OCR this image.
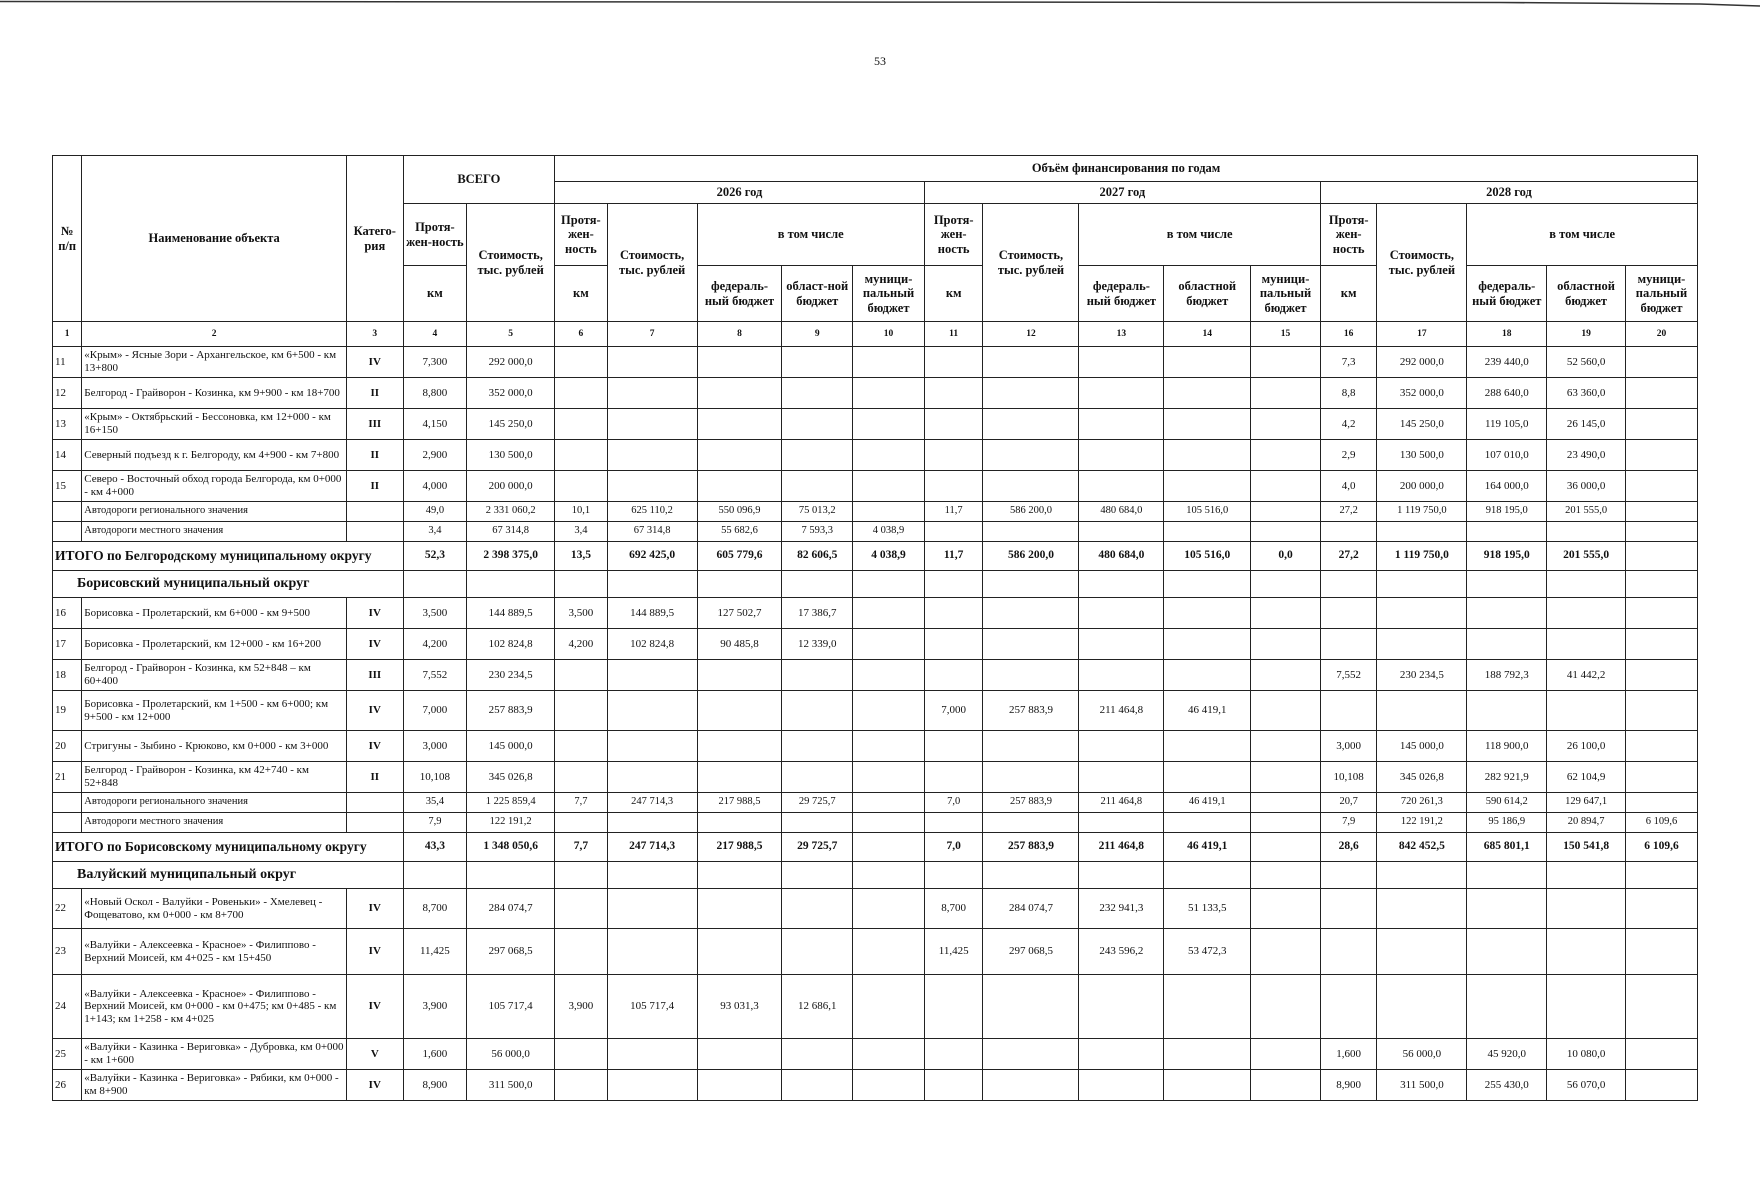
53
№ п/п	Наименование объекта	Катего-рия	ВСЕГО		Объём финансирования по годам														
					2026 год					2027 год					2028 год				
			Протя-жен-ность	Стоимость, тыс. рублей	Протя-жен-ность	Стоимость, тыс. рублей	в том числе			Протя-жен-ность	Стоимость, тыс. рублей	в том числе			Протя-жен-ность	Стоимость, тыс. рублей	в том числе		
			км		км		федераль-ный бюджет	област-ной бюджет	муници-пальный бюджет	км		федераль-ный бюджет	областной бюджет	муници-пальный бюджет	км		федераль-ный бюджет	областной бюджет	муници-пальный бюджет
1	2	3	4	5	6	7	8	9	10	11	12	13	14	15	16	17	18	19	20
11	«Крым» - Ясные Зори - Архангельское, км 6+500 - км 13+800	IV	7,300	292 000,0											7,3	292 000,0	239 440,0	52 560,0	
12	Белгород - Грайворон - Козинка, км 9+900 - км 18+700	II	8,800	352 000,0											8,8	352 000,0	288 640,0	63 360,0	
13	«Крым» - Октябрьский - Бессоновка, км 12+000 - км 16+150	III	4,150	145 250,0											4,2	145 250,0	119 105,0	26 145,0	
14	Северный подъезд к г. Белгороду, км 4+900 - км 7+800	II	2,900	130 500,0											2,9	130 500,0	107 010,0	23 490,0	
15	Северо - Восточный обход города Белгорода, км 0+000 - км 4+000	II	4,000	200 000,0											4,0	200 000,0	164 000,0	36 000,0	
	Автодороги регионального значения		49,0	2 331 060,2	10,1	625 110,2	550 096,9	75 013,2		11,7	586 200,0	480 684,0	105 516,0		27,2	1 119 750,0	918 195,0	201 555,0	
	Автодороги местного значения		3,4	67 314,8	3,4	67 314,8	55 682,6	7 593,3	4 038,9										
ИТОГО по Белгородскому муниципальному округу			52,3	2 398 375,0	13,5	692 425,0	605 779,6	82 606,5	4 038,9	11,7	586 200,0	480 684,0	105 516,0	0,0	27,2	1 119 750,0	918 195,0	201 555,0	
Борисовский муниципальный округ																			
16	Борисовка - Пролетарский, км 6+000 - км 9+500	IV	3,500	144 889,5	3,500	144 889,5	127 502,7	17 386,7											
17	Борисовка - Пролетарский, км 12+000 - км 16+200	IV	4,200	102 824,8	4,200	102 824,8	90 485,8	12 339,0											
18	Белгород - Грайворон - Козинка, км 52+848 – км 60+400	III	7,552	230 234,5											7,552	230 234,5	188 792,3	41 442,2	
19	Борисовка - Пролетарский, км 1+500 - км 6+000; км 9+500 - км 12+000	IV	7,000	257 883,9						7,000	257 883,9	211 464,8	46 419,1						
20	Стригуны - Зыбино - Крюково, км 0+000 - км 3+000	IV	3,000	145 000,0											3,000	145 000,0	118 900,0	26 100,0	
21	Белгород - Грайворон - Козинка, км 42+740 - км 52+848	II	10,108	345 026,8											10,108	345 026,8	282 921,9	62 104,9	
	Автодороги регионального значения		35,4	1 225 859,4	7,7	247 714,3	217 988,5	29 725,7		7,0	257 883,9	211 464,8	46 419,1		20,7	720 261,3	590 614,2	129 647,1	
	Автодороги местного значения		7,9	122 191,2											7,9	122 191,2	95 186,9	20 894,7	6 109,6
ИТОГО по Борисовскому муниципальному округу			43,3	1 348 050,6	7,7	247 714,3	217 988,5	29 725,7		7,0	257 883,9	211 464,8	46 419,1		28,6	842 452,5	685 801,1	150 541,8	6 109,6
Валуйский муниципальный округ																			
22	«Новый Оскол - Валуйки - Ровеньки» - Хмелевец - Фощеватово, км 0+000 - км 8+700	IV	8,700	284 074,7						8,700	284 074,7	232 941,3	51 133,5						
23	«Валуйки - Алексеевка - Красное» - Филиппово - Верхний Моисей, км 4+025 - км 15+450	IV	11,425	297 068,5						11,425	297 068,5	243 596,2	53 472,3						
24	«Валуйки - Алексеевка - Красное» - Филиппово - Верхний Моисей, км 0+000 - км 0+475; км 0+485 - км 1+143; км 1+258 - км 4+025	IV	3,900	105 717,4	3,900	105 717,4	93 031,3	12 686,1											
25	«Валуйки - Казинка - Вериговка» - Дубровка, км 0+000 - км 1+600	V	1,600	56 000,0											1,600	56 000,0	45 920,0	10 080,0	
26	«Валуйки - Казинка - Вериговка» - Рябики, км 0+000 - км 8+900	IV	8,900	311 500,0											8,900	311 500,0	255 430,0	56 070,0	
